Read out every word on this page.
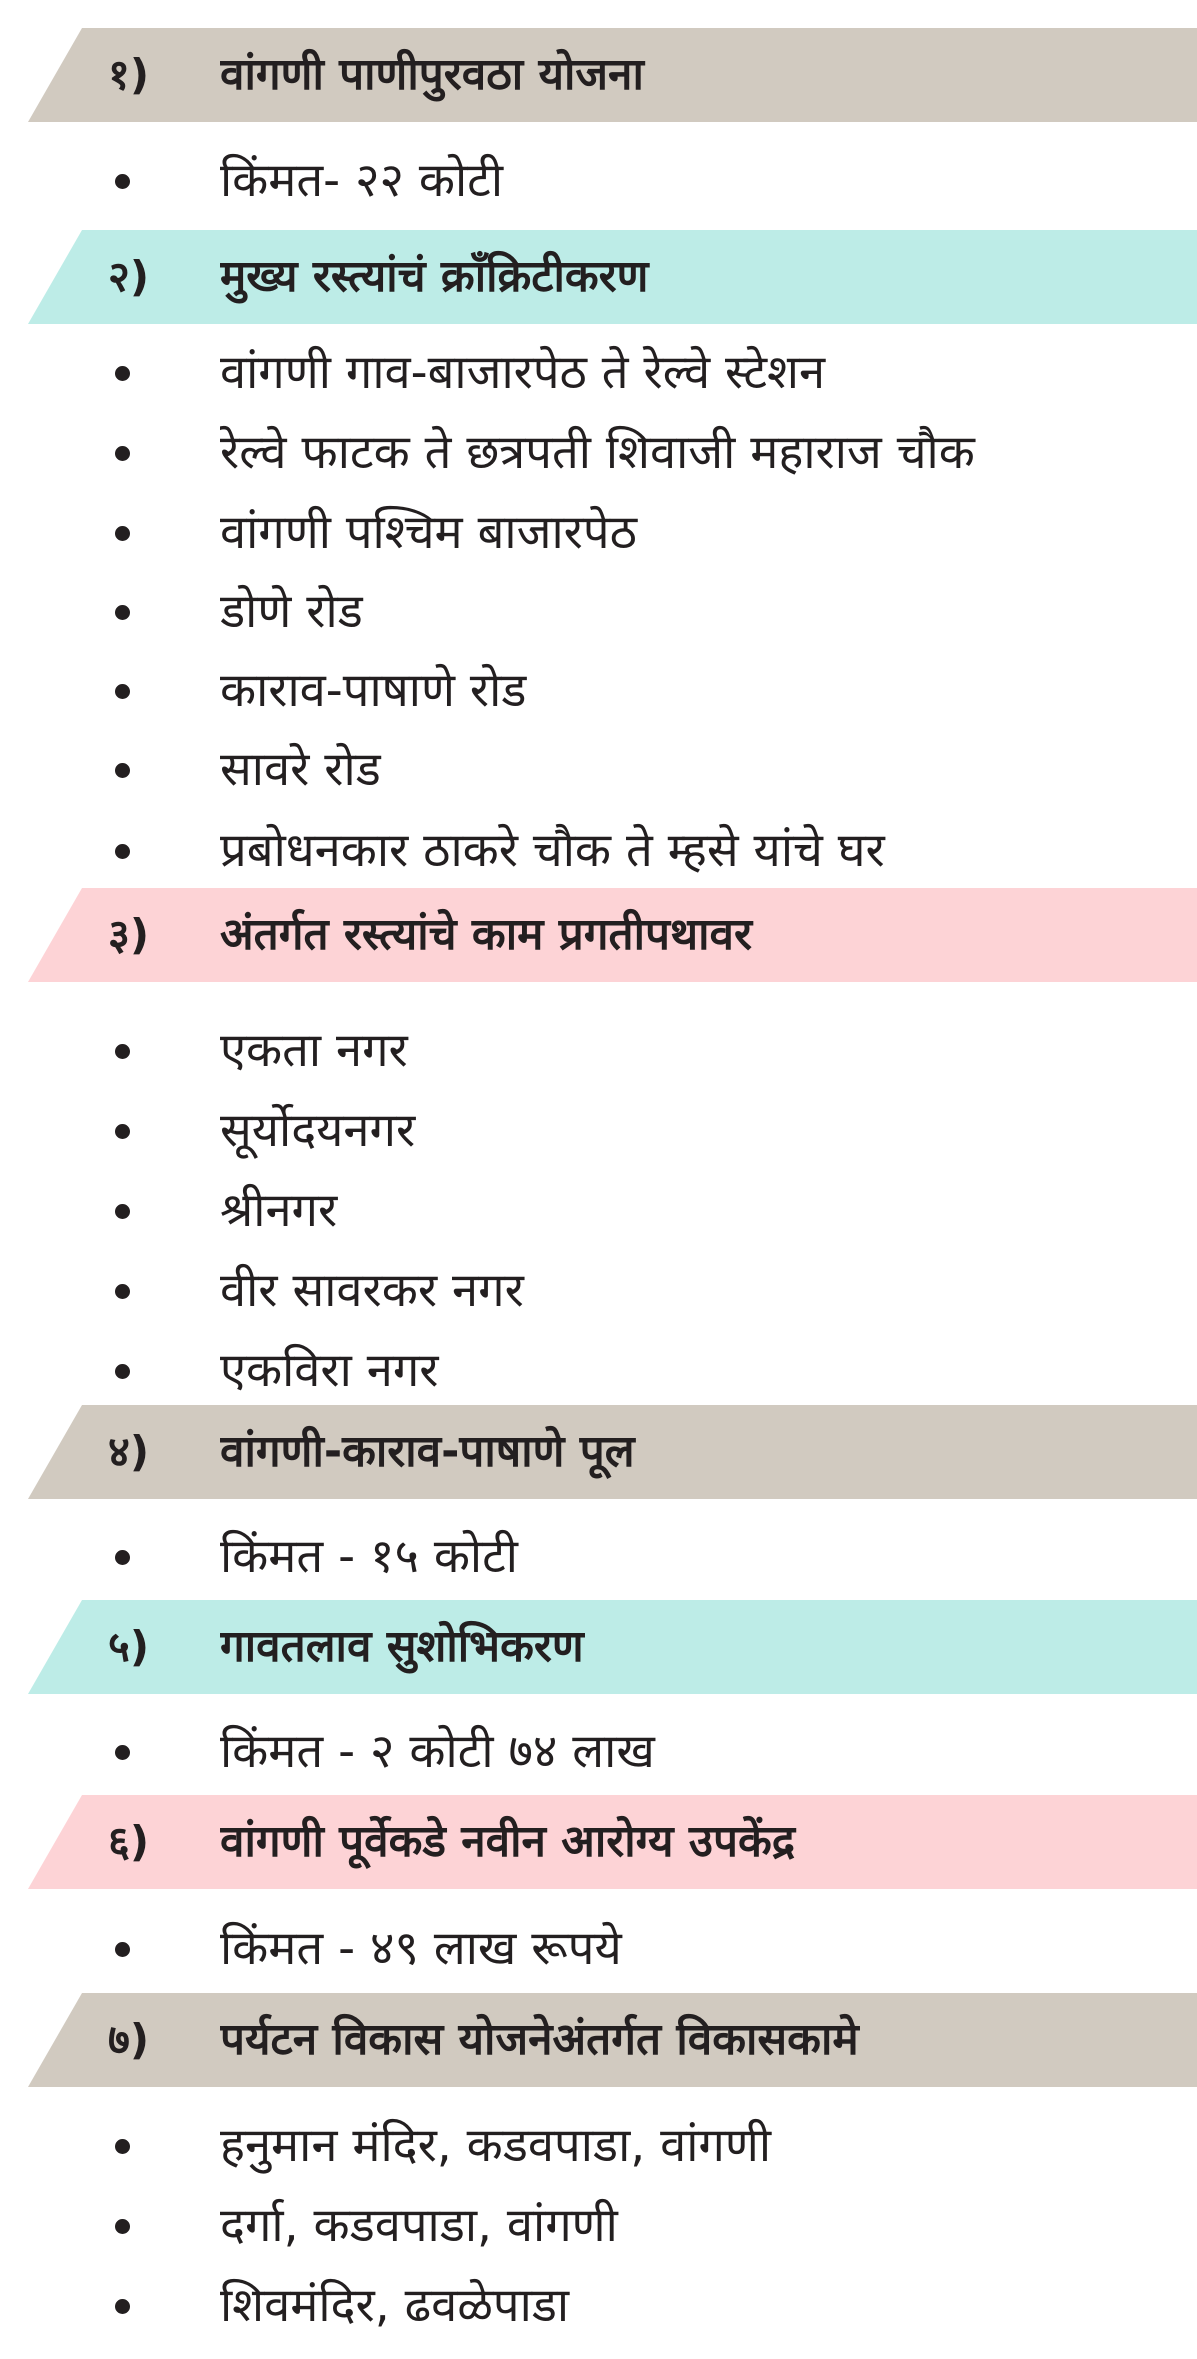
१)	वांगणी पाणीपुरवठा योजना
किंमत- २२ कोटी
२)	मुख्य रस्त्यांचं क्रॉंक्रिटीकरण
वांगणी गाव-बाजारपेठ ते रेल्वे स्टेशन
रेल्वे फाटक ते छत्रपती शिवाजी महाराज चौक
वांगणी पश्चिम बाजारपेठ
डोणे रोड
काराव-पाषाणे रोड
सावरे रोड
प्रबोधनकार ठाकरे चौक ते म्हसे यांचे घर
३)	अंतर्गत रस्त्यांचे काम प्रगतीपथावर
एकता नगर
सूर्योदयनगर
श्रीनगर
वीर सावरकर नगर
एकविरा नगर
४)	वांगणी-काराव-पाषाणे पूल
किंमत - १५ कोटी
५)	गावतलाव सुशोभिकरण
किंमत - २ कोटी ७४ लाख
६)	वांगणी पूर्वेकडे नवीन आरोग्य उपकेंद्र
किंमत - ४९ लाख रूपये
७)	पर्यटन विकास योजनेअंतर्गत विकासकामे
हनुमान मंदिर, कडवपाडा, वांगणी
दर्गा, कडवपाडा, वांगणी
शिवमंदिर, ढवळेपाडा
